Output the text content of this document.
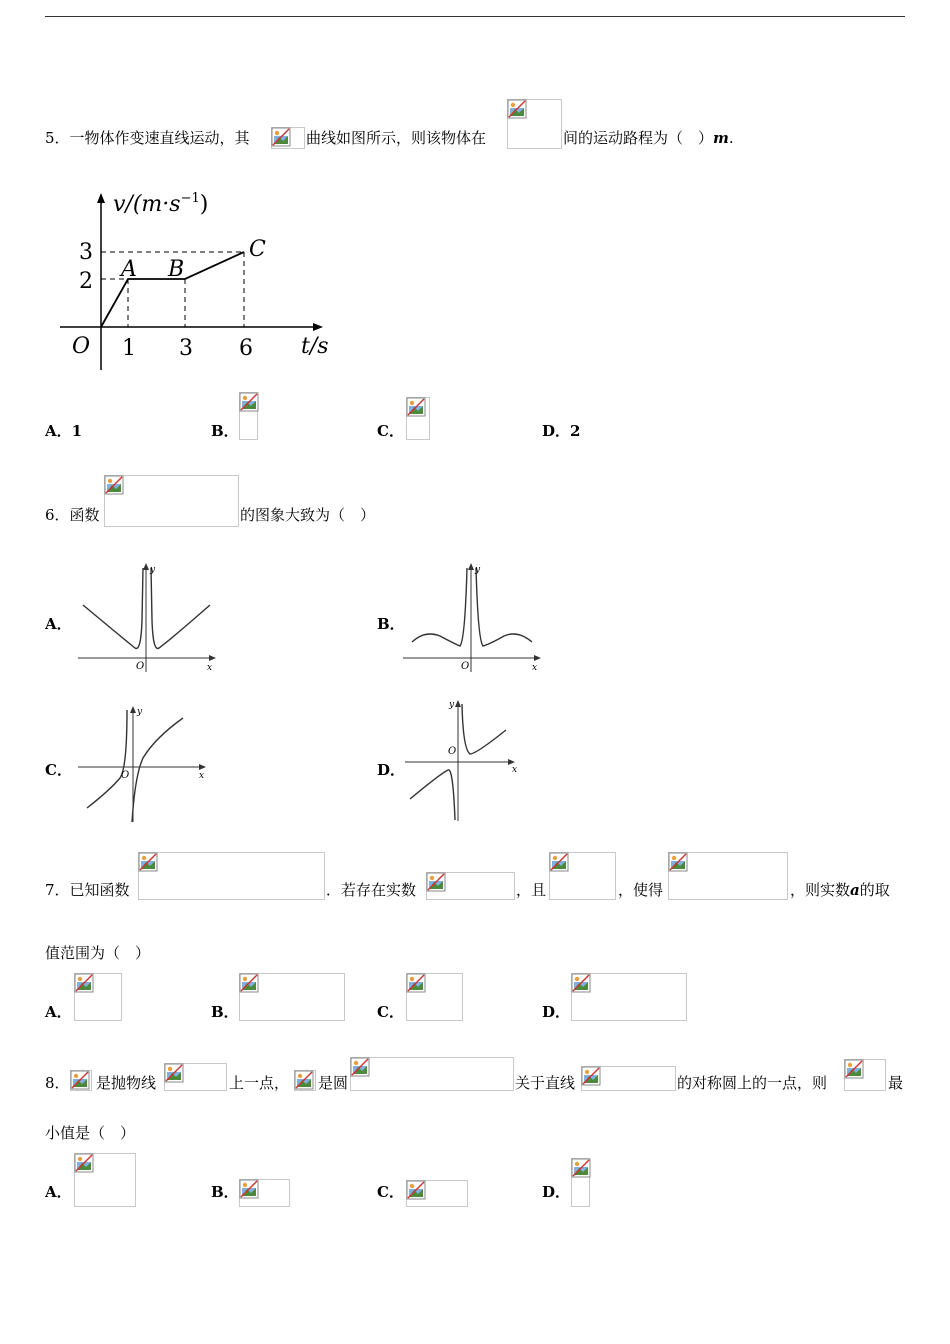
5．一物体作变速直线运动，其	曲线如图所示，则该物体在	间的运动路程为（　）m.
$v/(m\cdot s^{-1})$
3
2
O 1 3 6 t/s
A B
C
A．1	B．	C．	D．2
6．函数	的图象大致为（　）
A．
y
x
O
B．
y
x
O
C．
y
x
O	D．
y
x
O
7．已知函数	．若存在实数	，且	，使得	，则实数a的取
值范围为（　）
A．	B．	C．	D．
8． 是抛物线	上一点， 是圆	关于直线	的对称圆上的一点，则	最
小值是（　）
A．	B．	C．	D．
